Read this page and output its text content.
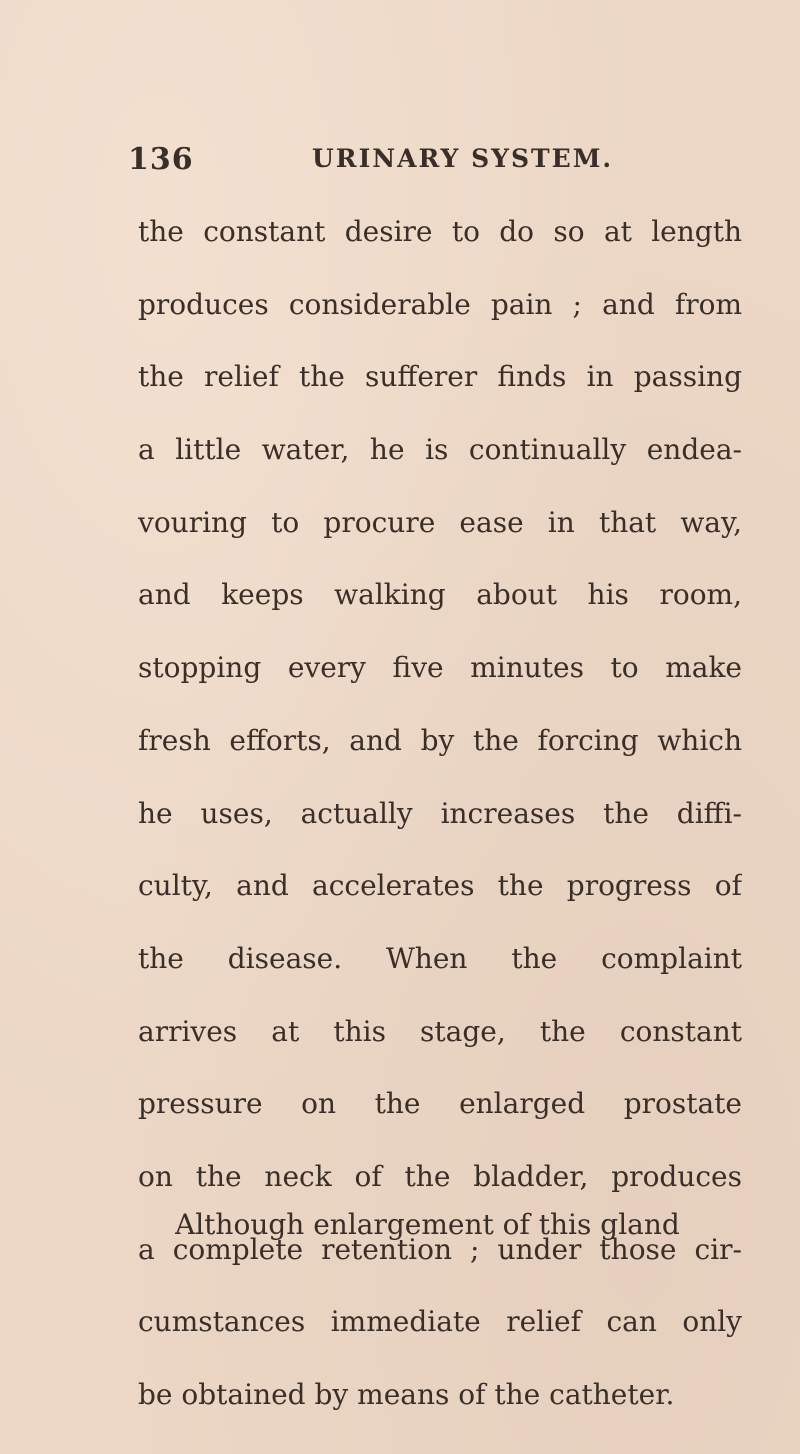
136	URINARY SYSTEM.
the constant desire to do so at length
produces considerable pain ; and from
the relief the sufferer finds in passing
a little water, he is continually endea-
vouring to procure ease in that way,
and keeps walking about his room,
stopping every five minutes to make
fresh efforts, and by the forcing which
he uses, actually increases the diffi-
culty, and accelerates the progress of
the disease. When the complaint
arrives at this stage, the constant
pressure on the enlarged prostate
on the neck of the bladder, produces
a complete retention ; under those cir-
cumstances immediate relief can only
be obtained by means of the catheter.
Although enlargement of this gland
